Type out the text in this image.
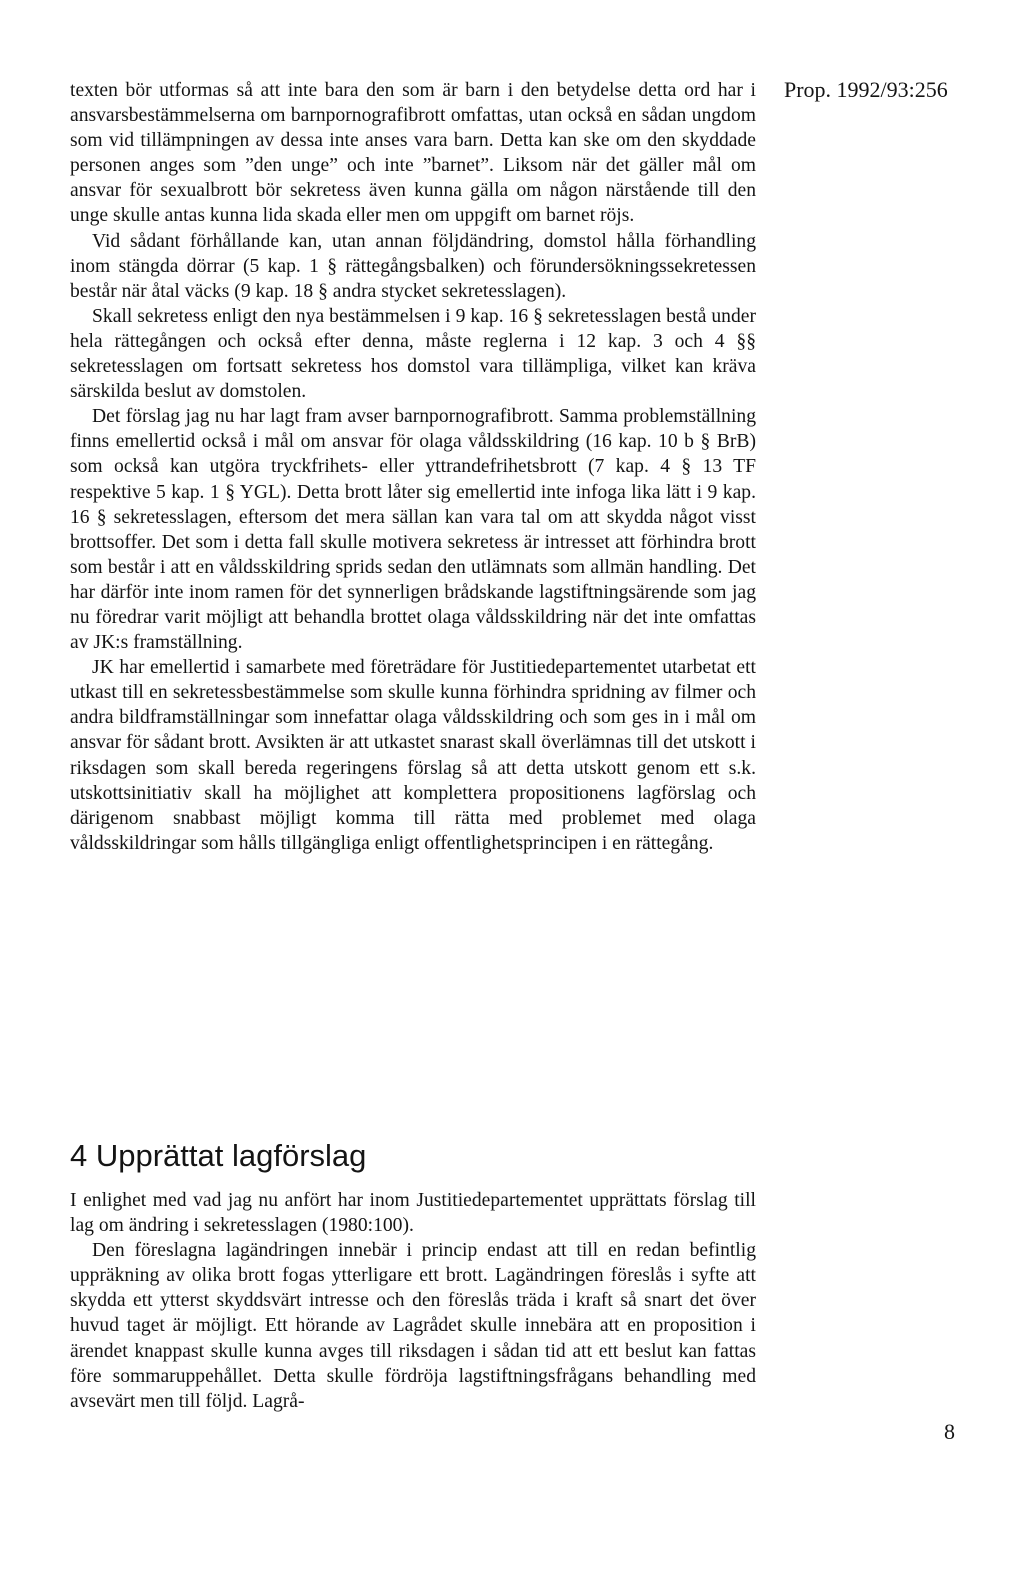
Prop. 1992/93:256

texten bör utformas så att inte bara den som är barn i den betydelse detta ord har i ansvarsbestämmelserna om barnpornografibrott omfattas, utan också en sådan ungdom som vid tillämpningen av dessa inte anses vara barn. Detta kan ske om den skyddade personen anges som ”den unge” och inte ”barnet”. Liksom när det gäller mål om ansvar för sexualbrott bör sekretess även kunna gälla om någon närstående till den unge skulle antas kunna lida skada eller men om uppgift om barnet röjs.

Vid sådant förhållande kan, utan annan följdändring, domstol hålla förhandling inom stängda dörrar (5 kap. 1 § rättegångsbalken) och förundersökningssekretessen består när åtal väcks (9 kap. 18 § andra stycket sekretesslagen).

Skall sekretess enligt den nya bestämmelsen i 9 kap. 16 § sekretesslagen bestå under hela rättegången och också efter denna, måste reglerna i 12 kap. 3 och 4 §§ sekretesslagen om fortsatt sekretess hos domstol vara tillämpliga, vilket kan kräva särskilda beslut av domstolen.

Det förslag jag nu har lagt fram avser barnpornografibrott. Samma problemställning finns emellertid också i mål om ansvar för olaga våldsskildring (16 kap. 10 b § BrB) som också kan utgöra tryckfrihets- eller yttrandefrihetsbrott (7 kap. 4 § 13 TF respektive 5 kap. 1 § YGL). Detta brott låter sig emellertid inte infoga lika lätt i 9 kap. 16 § sekretesslagen, eftersom det mera sällan kan vara tal om att skydda något visst brottsoffer. Det som i detta fall skulle motivera sekretess är intresset att förhindra brott som består i att en våldsskildring sprids sedan den utlämnats som allmän handling. Det har därför inte inom ramen för det synnerligen brådskande lagstiftningsärende som jag nu föredrar varit möjligt att behandla brottet olaga våldsskildring när det inte omfattas av JK:s framställning.

JK har emellertid i samarbete med företrädare för Justitiedepartementet utarbetat ett utkast till en sekretessbestämmelse som skulle kunna förhindra spridning av filmer och andra bildframställningar som innefattar olaga våldsskildring och som ges in i mål om ansvar för sådant brott. Avsikten är att utkastet snarast skall överlämnas till det utskott i riksdagen som skall bereda regeringens förslag så att detta utskott genom ett s.k. utskottsinitiativ skall ha möjlighet att komplettera propositionens lagförslag och därigenom snabbast möjligt komma till rätta med problemet med olaga våldsskildringar som hålls tillgängliga enligt offentlighetsprincipen i en rättegång.

4 Upprättat lagförslag

I enlighet med vad jag nu anfört har inom Justitiedepartementet upprättats förslag till lag om ändring i sekretesslagen (1980:100).

Den föreslagna lagändringen innebär i princip endast att till en redan befintlig uppräkning av olika brott fogas ytterligare ett brott. Lagändringen föreslås i syfte att skydda ett ytterst skyddsvärt intresse och den föreslås träda i kraft så snart det över huvud taget är möjligt. Ett hörande av Lagrådet skulle innebära att en proposition i ärendet knappast skulle kunna avges till riksdagen i sådan tid att ett beslut kan fattas före sommaruppehållet. Detta skulle fördröja lagstiftningsfrågans behandling med avsevärt men till följd. Lagrå-

8
